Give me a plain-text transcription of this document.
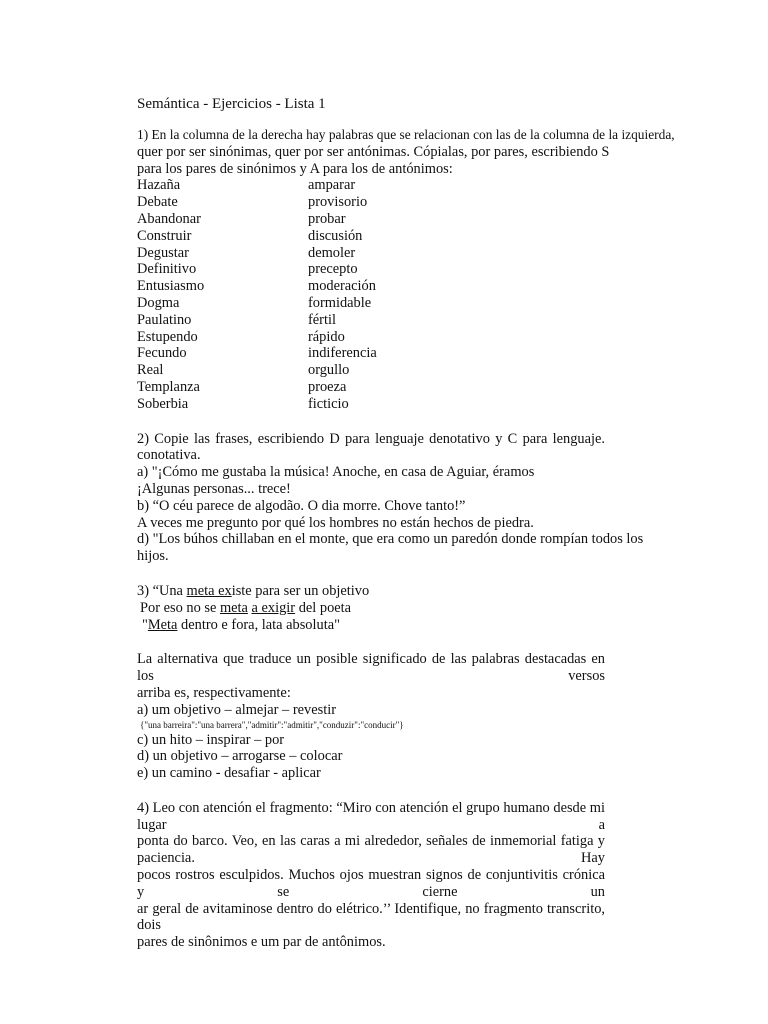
Semántica - Ejercicios - Lista 1
1) En la columna de la derecha hay palabras que se relacionan con las de la columna de la izquierda,
quer por ser sinónimas, quer por ser antónimas. Cópialas, por pares, escribiendo S
para los pares de sinónimos y A para los de antónimos:
Hazaña	amparar
Debate	provisorio
Abandonar	probar
Construir	discusión
Degustar	demoler
Definitivo	precepto
Entusiasmo	moderación
Dogma	formidable
Paulatino	fértil
Estupendo	rápido
Fecundo	indiferencia
Real	orgullo
Templanza	proeza
Soberbia	ficticio
2) Copie las frases, escribiendo D para lenguaje denotativo y C para lenguaje.
conotativa.
a) "¡Cómo me gustaba la música! Anoche, en casa de Aguiar, éramos
¡Algunas personas... trece!
b) “O céu parece de algodão. O dia morre. Chove tanto!”
A veces me pregunto por qué los hombres no están hechos de piedra.
d) "Los búhos chillaban en el monte, que era como un paredón donde rompían todos los
hijos.
3) “Una meta existe para ser un objetivo
Por eso no se meta a exigir del poeta
"Meta dentro e fora, lata absoluta"
La alternativa que traduce un posible significado de las palabras destacadas en los versos
arriba es, respectivamente:
a) um objetivo – almejar – revestir
{"una barreira":"una barrera","admitir":"admitir","conduzir":"conducir"}
c) un hito – inspirar – por
d) un objetivo – arrogarse – colocar
e) un camino - desafiar - aplicar
4) Leo con atención el fragmento: “Miro con atención el grupo humano desde mi lugar a
ponta do barco. Veo, en las caras a mi alrededor, señales de inmemorial fatiga y paciencia. Hay
pocos rostros esculpidos. Muchos ojos muestran signos de conjuntivitis crónica y se cierne un
ar geral de avitaminose dentro do elétrico.’’ Identifique, no fragmento transcrito, dois
pares de sinônimos e um par de antônimos.
